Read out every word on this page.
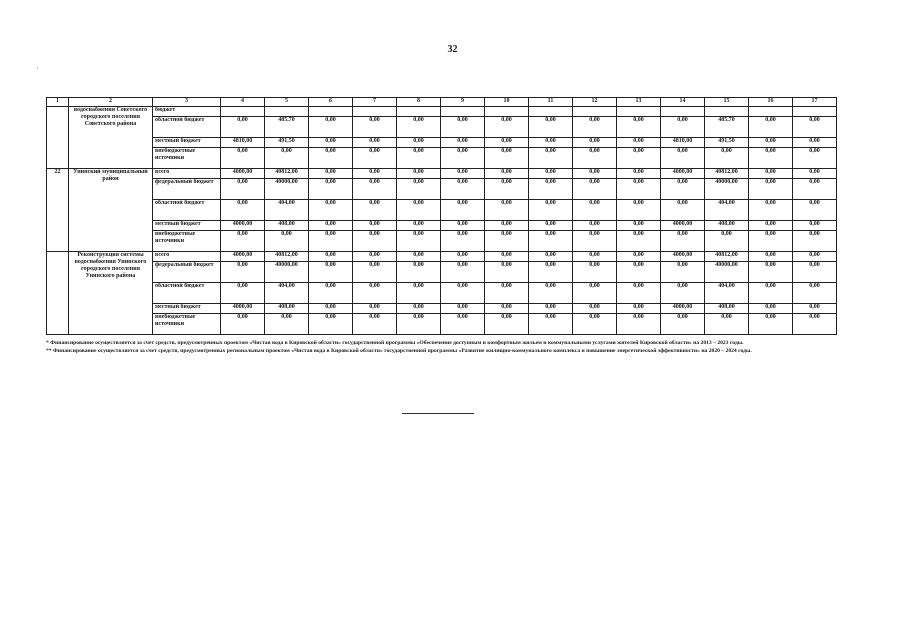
32
·
1	2	3	4	5	6	7	8	9	10	11	12	13	14	15	16	17
	водоснабжения Советского городского поселения Советского района	бюджет														
		областной бюджет	0,00	485,70	0,00	0,00	0,00	0,00	0,00	0,00	0,00	0,00	0,00	485,70	0,00	0,00
		местный бюджет	4810,00	491,50	0,00	0,00	0,00	0,00	0,00	0,00	0,00	0,00	4810,00	491,50	0,00	0,00
		внебюджетные источники	0,00	0,00	0,00	0,00	0,00	0,00	0,00	0,00	0,00	0,00	0,00	0,00	0,00	0,00
22	Унинский муниципальный район	всего	4000,00	40812,00	0,00	0,00	0,00	0,00	0,00	0,00	0,00	0,00	4000,00	40812,00	0,00	0,00
		федеральный бюджет	0,00	40000,00	0,00	0,00	0,00	0,00	0,00	0,00	0,00	0,00	0,00	40000,00	0,00	0,00
		областной бюджет	0,00	404,00	0,00	0,00	0,00	0,00	0,00	0,00	0,00	0,00	0,00	404,00	0,00	0,00
		местный бюджет	4000,00	408,00	0,00	0,00	0,00	0,00	0,00	0,00	0,00	0,00	4000,00	408,00	0,00	0,00
		внебюджетные источники	0,00	0,00	0,00	0,00	0,00	0,00	0,00	0,00	0,00	0,00	0,00	0,00	0,00	0,00
	Реконструкция системы водоснабжения Унинского городского поселения Унинского района	всего	4000,00	40812,00	0,00	0,00	0,00	0,00	0,00	0,00	0,00	0,00	4000,00	40812,00	0,00	0,00
		федеральный бюджет	0,00	40000,00	0,00	0,00	0,00	0,00	0,00	0,00	0,00	0,00	0,00	40000,00	0,00	0,00
		областной бюджет	0,00	404,00	0,00	0,00	0,00	0,00	0,00	0,00	0,00	0,00	0,00	404,00	0,00	0,00
		местный бюджет	4000,00	408,00	0,00	0,00	0,00	0,00	0,00	0,00	0,00	0,00	4000,00	408,00	0,00	0,00
		внебюджетные источники	0,00	0,00	0,00	0,00	0,00	0,00	0,00	0,00	0,00	0,00	0,00	0,00	0,00	0,00

* Финансирование осуществляется за счет средств, предусмотренных проектом «Чистая вода в Кировской области» государственной программы «Обеспечение доступным и комфортным жильем и коммунальными услугами жителей Кировской области» на 2013 – 2021 годы.

** Финансирование осуществляется за счет средств, предусмотренных региональным проектом «Чистая вода в Кировской области» государственной программы «Развитие жилищно-коммунального комплекса и повышение энергетической эффективности» на 2020 – 2024 годы.
